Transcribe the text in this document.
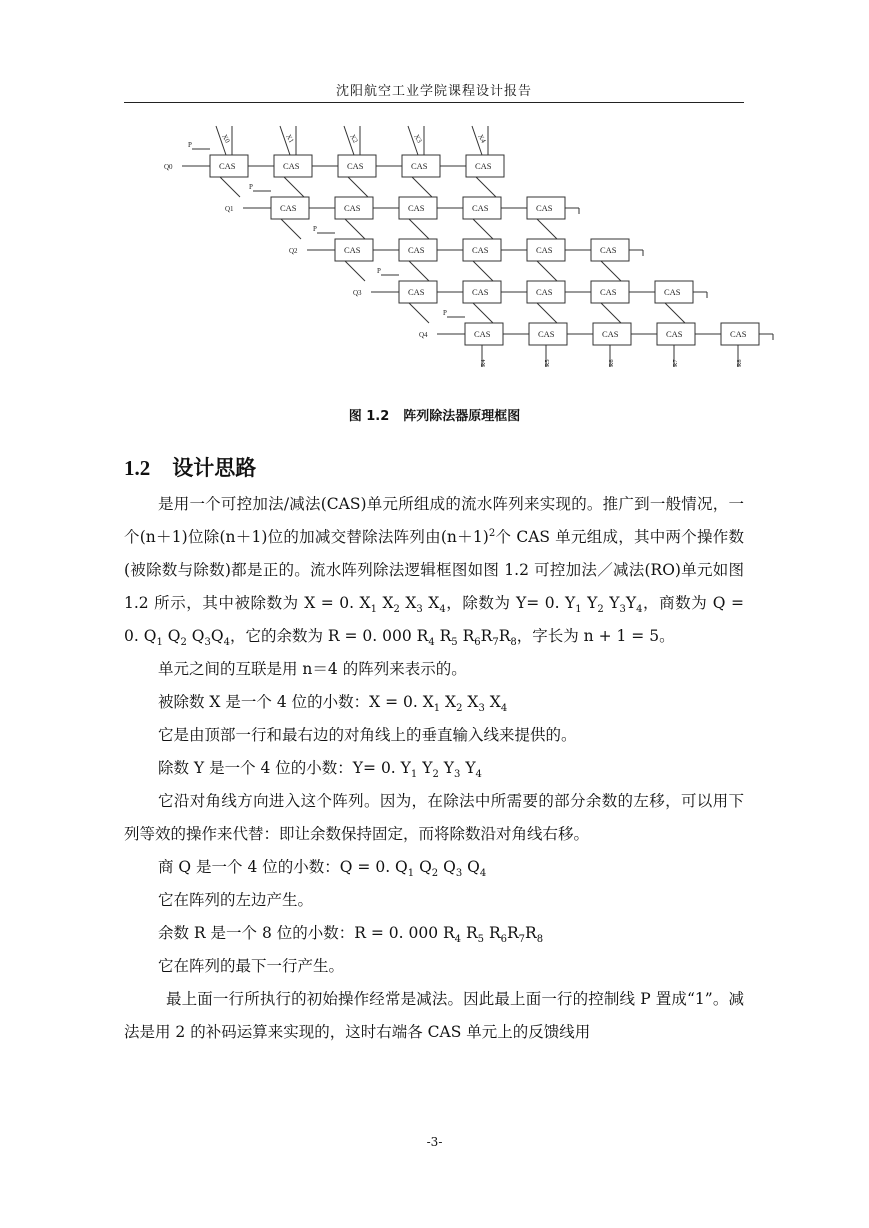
沈阳航空工业学院课程设计报告
CAS	CAS	CAS	CAS	CAS
Q0
P
CAS	CAS	CAS	CAS	CAS
Q1
P
CAS	CAS	CAS	CAS	CAS
Q2
P
CAS	CAS	CAS	CAS	CAS
Q3
P
CAS	CAS	CAS	CAS	CAS
Q4
P
X0	X1	X2	X3	X4
R4	R5	R6	R7	R8
图 1.2 阵列除法器原理框图
1.2 设计思路

是用一个可控加法/减法(CAS)单元所组成的流水阵列来实现的。推广到一般情况，一个(n＋1)位除(n＋1)位的加减交替除法阵列由$(n+1)^2$个 CAS 单元组成，其中两个操作数(被除数与除数)都是正的。流水阵列除法逻辑框图如图 1.2 可控加法／减法(RO)单元如图 1.2 所示，其中被除数为 X = 0. $X_1$ $X_2$ $X_3$ $X_4$，除数为 Y= 0. $Y_1$ $Y_2$ $Y_3Y_4$，商数为 Q = 0. $Q_1$ $Q_2$ $Q_3Q_4$，它的余数为 R = 0. 000 $R_4$ $R_5$ $R_6R_7R_8$，字长为 n + 1 = 5。

单元之间的互联是用 n＝4 的阵列来表示的。

被除数 X 是一个 4 位的小数：X = 0. $X_1$ $X_2$ $X_3$ $X_4$

它是由顶部一行和最右边的对角线上的垂直输入线来提供的。

除数 Y 是一个 4 位的小数：Y= 0. $Y_1$ $Y_2$ $Y_3$ $Y_4$

它沿对角线方向进入这个阵列。因为，在除法中所需要的部分余数的左移，可以用下列等效的操作来代替：即让余数保持固定，而将除数沿对角线右移。

商 Q 是一个 4 位的小数：Q = 0. $Q_1$ $Q_2$ $Q_3$ $Q_4$

它在阵列的左边产生。

余数 R 是一个 8 位的小数：R = 0. 000 $R_4$ $R_5$ $R_6R_7R_8$

它在阵列的最下一行产生。

最上面一行所执行的初始操作经常是减法。因此最上面一行的控制线 P 置成“1”。减法是用 2 的补码运算来实现的，这时右端各 CAS 单元上的反馈线用

-3-
